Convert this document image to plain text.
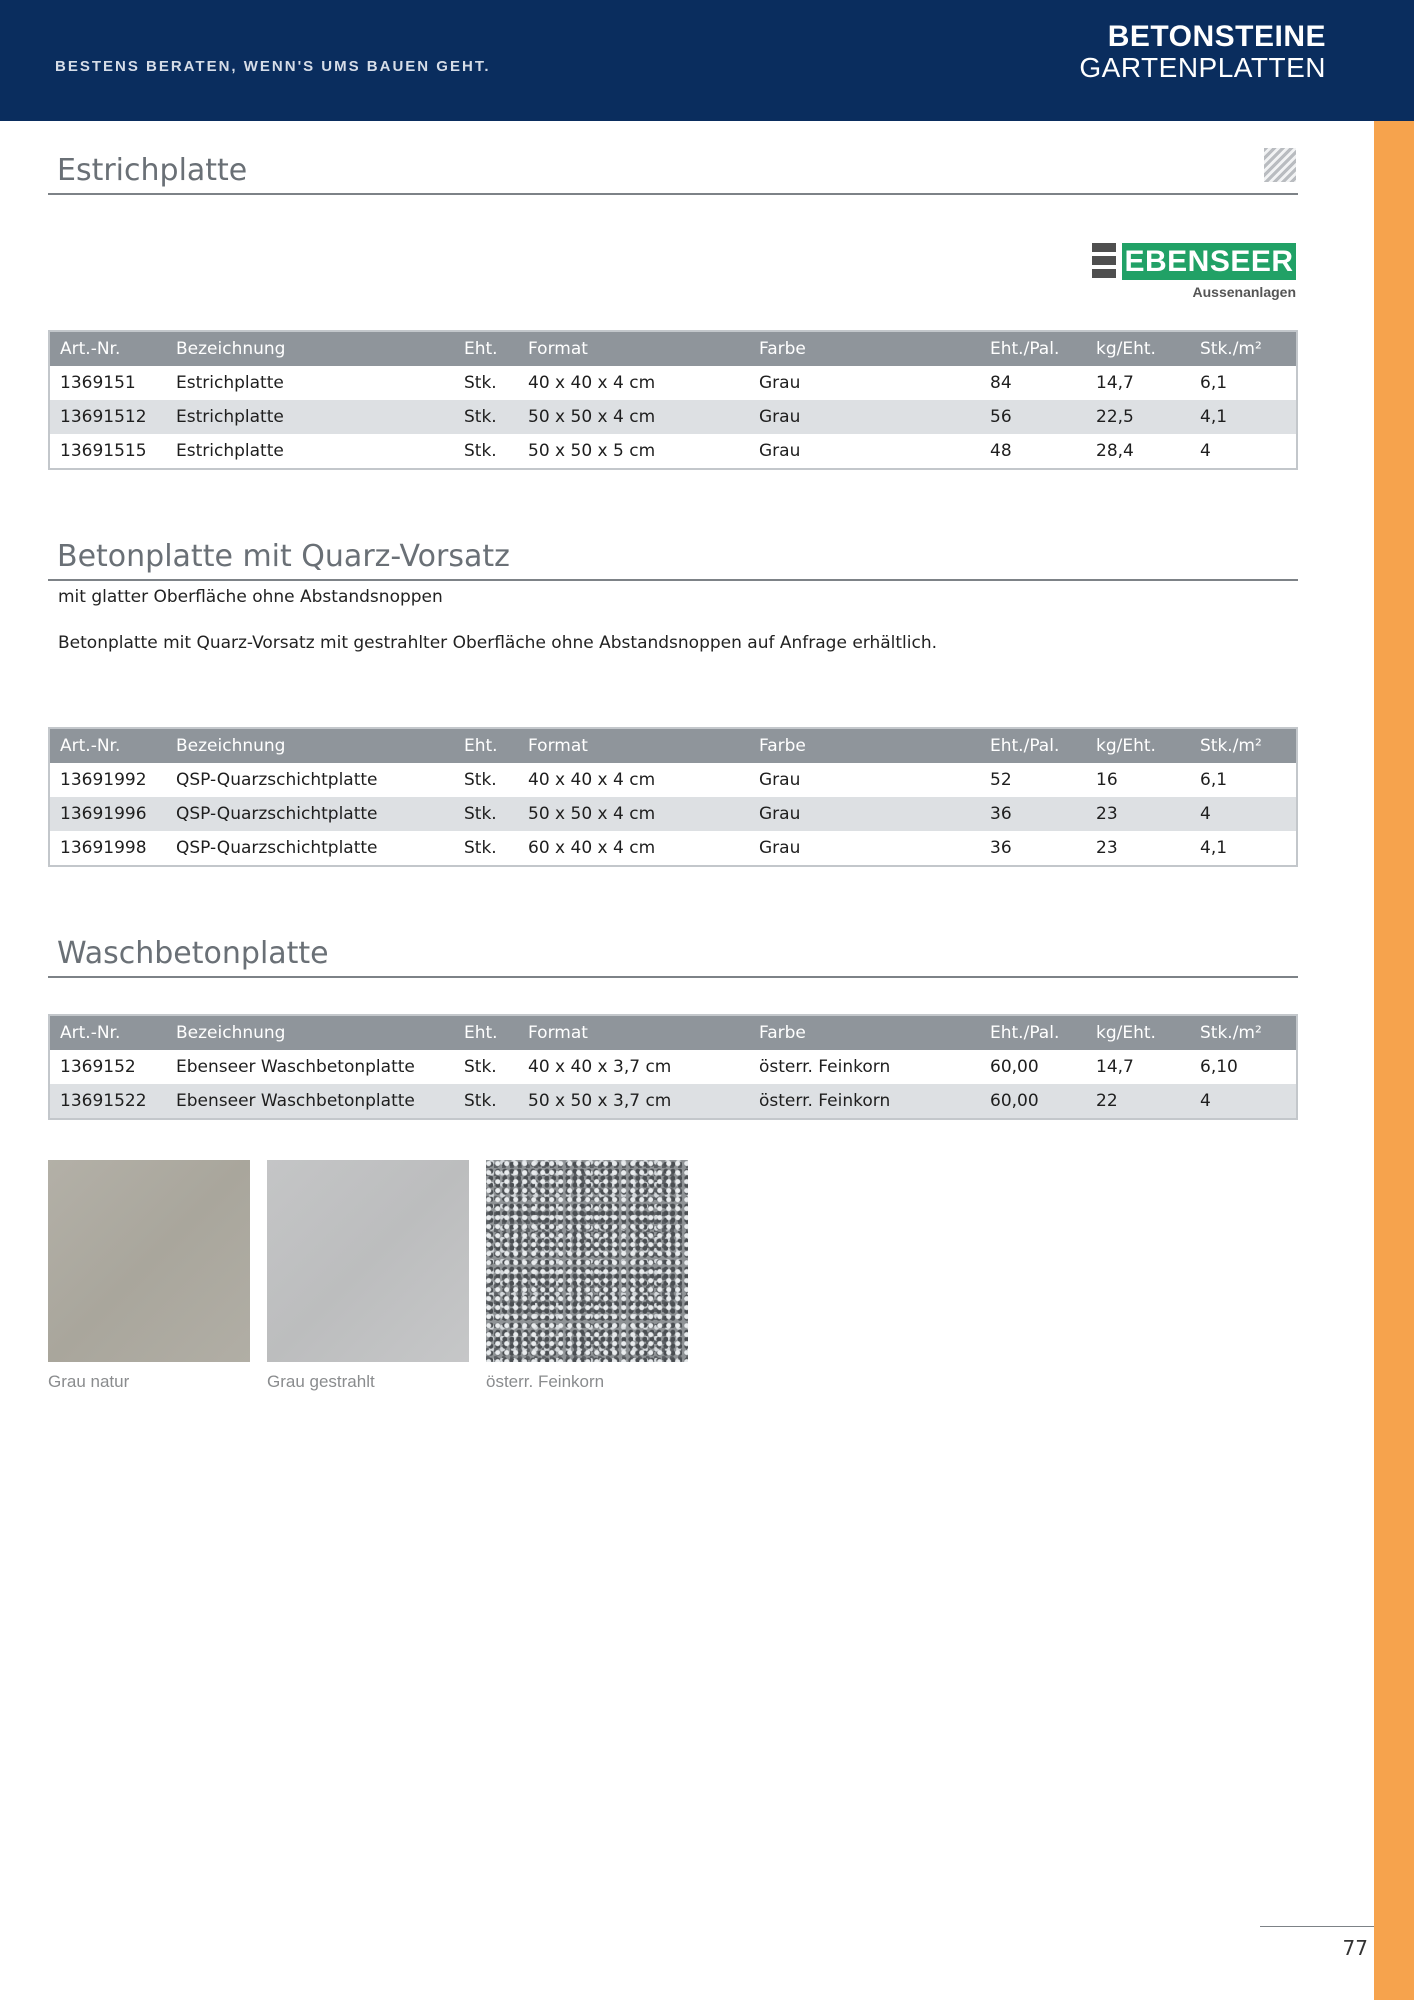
BESTENS BERATEN, WENN'S UMS BAUEN GEHT.
BETONSTEINE
GARTENPLATTEN
Estrichplatte
EBENSEER
Aussenanlagen
Art.-Nr.	Bezeichnung	Eht. Format	Farbe	Eht./Pal. kg/Eht.	Stk./m²
1369151 Estrichplatte	Stk. 40 x 40 x 4 cm	Grau	84	14,7	6,1
13691512 Estrichplatte	Stk. 50 x 50 x 4 cm	Grau	56	22,5	4,1
13691515 Estrichplatte	Stk. 50 x 50 x 5 cm	Grau	48	28,4	4
Betonplatte mit Quarz-Vorsatz

mit glatter Oberfläche ohne Abstandsnoppen

Betonplatte mit Quarz-Vorsatz mit gestrahlter Oberfläche ohne Abstandsnoppen auf Anfrage erhältlich.

Art.-Nr.	Bezeichnung	Eht. Format	Farbe	Eht./Pal. kg/Eht.	Stk./m²
13691992 QSP-Quarzschichtplatte	Stk. 40 x 40 x 4 cm	Grau	52	16	6,1
13691996 QSP-Quarzschichtplatte	Stk. 50 x 50 x 4 cm	Grau	36	23	4
13691998 QSP-Quarzschichtplatte	Stk. 60 x 40 x 4 cm	Grau	36	23	4,1
Waschbetonplatte
Art.-Nr.	Bezeichnung	Eht. Format	Farbe	Eht./Pal. kg/Eht.	Stk./m²
1369152 Ebenseer Waschbetonplatte	Stk. 40 x 40 x 3,7 cm	österr. Feinkorn	60,00	14,7	6,10
13691522 Ebenseer Waschbetonplatte	Stk. 50 x 50 x 3,7 cm	österr. Feinkorn	60,00	22	4
Grau natur	Grau gestrahlt	österr. Feinkorn
77
